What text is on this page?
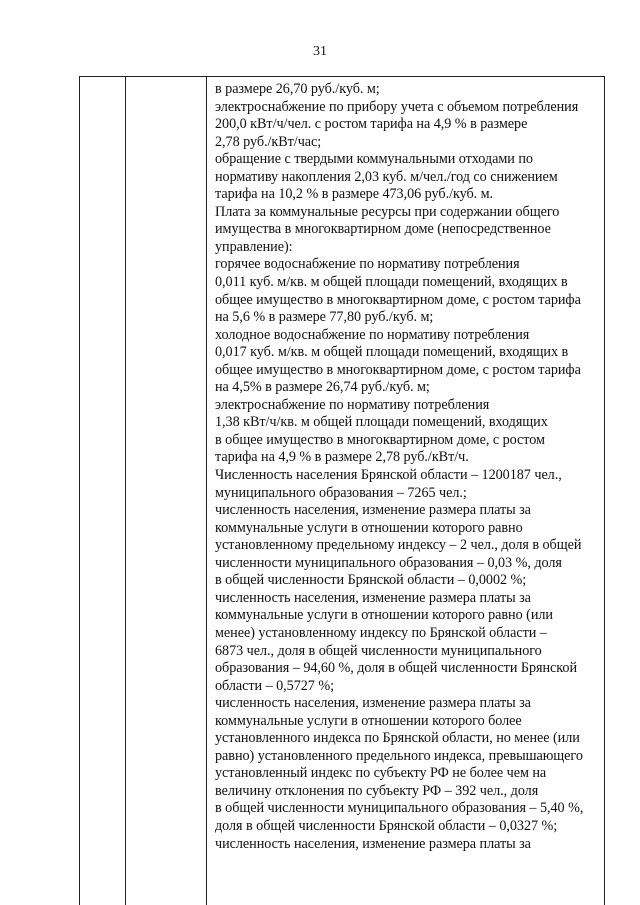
31
в размере 26,70 руб./куб. м;
электроснабжение по прибору учета с объемом потребления
200,0 кВт/ч/чел. с ростом тарифа на 4,9 % в размере
2,78 руб./кВт/час;
обращение с твердыми коммунальными отходами по
нормативу накопления 2,03 куб. м/чел./год со снижением
тарифа на 10,2 % в размере 473,06 руб./куб. м.
Плата за коммунальные ресурсы при содержании общего
имущества в многоквартирном доме (непосредственное
управление):
горячее водоснабжение по нормативу потребления
0,011 куб. м/кв. м общей площади помещений, входящих в
общее имущество в многоквартирном доме, с ростом тарифа
на 5,6 % в размере 77,80 руб./куб. м;
холодное водоснабжение по нормативу потребления
0,017 куб. м/кв. м общей площади помещений, входящих в
общее имущество в многоквартирном доме, с ростом тарифа
на 4,5% в размере 26,74 руб./куб. м;
электроснабжение по нормативу потребления
1,38 кВт/ч/кв. м общей площади помещений, входящих
в общее имущество в многоквартирном доме, с ростом
тарифа на 4,9 % в размере 2,78 руб./кВт/ч.
Численность населения Брянской области – 1200187 чел.,
муниципального образования – 7265 чел.;
численность населения, изменение размера платы за
коммунальные услуги в отношении которого равно
установленному предельному индексу – 2 чел., доля в общей
численности муниципального образования – 0,03 %, доля
в общей численности Брянской области – 0,0002 %;
численность населения, изменение размера платы за
коммунальные услуги в отношении которого равно (или
менее) установленному индексу по Брянской области –
6873 чел., доля в общей численности муниципального
образования – 94,60 %, доля в общей численности Брянской
области – 0,5727 %;
численность населения, изменение размера платы за
коммунальные услуги в отношении которого более
установленного индекса по Брянской области, но менее (или
равно) установленного предельного индекса, превышающего
установленный индекс по субъекту РФ не более чем на
величину отклонения по субъекту РФ – 392 чел., доля
в общей численности муниципального образования – 5,40 %,
доля в общей численности Брянской области – 0,0327 %;
численность населения, изменение размера платы за
